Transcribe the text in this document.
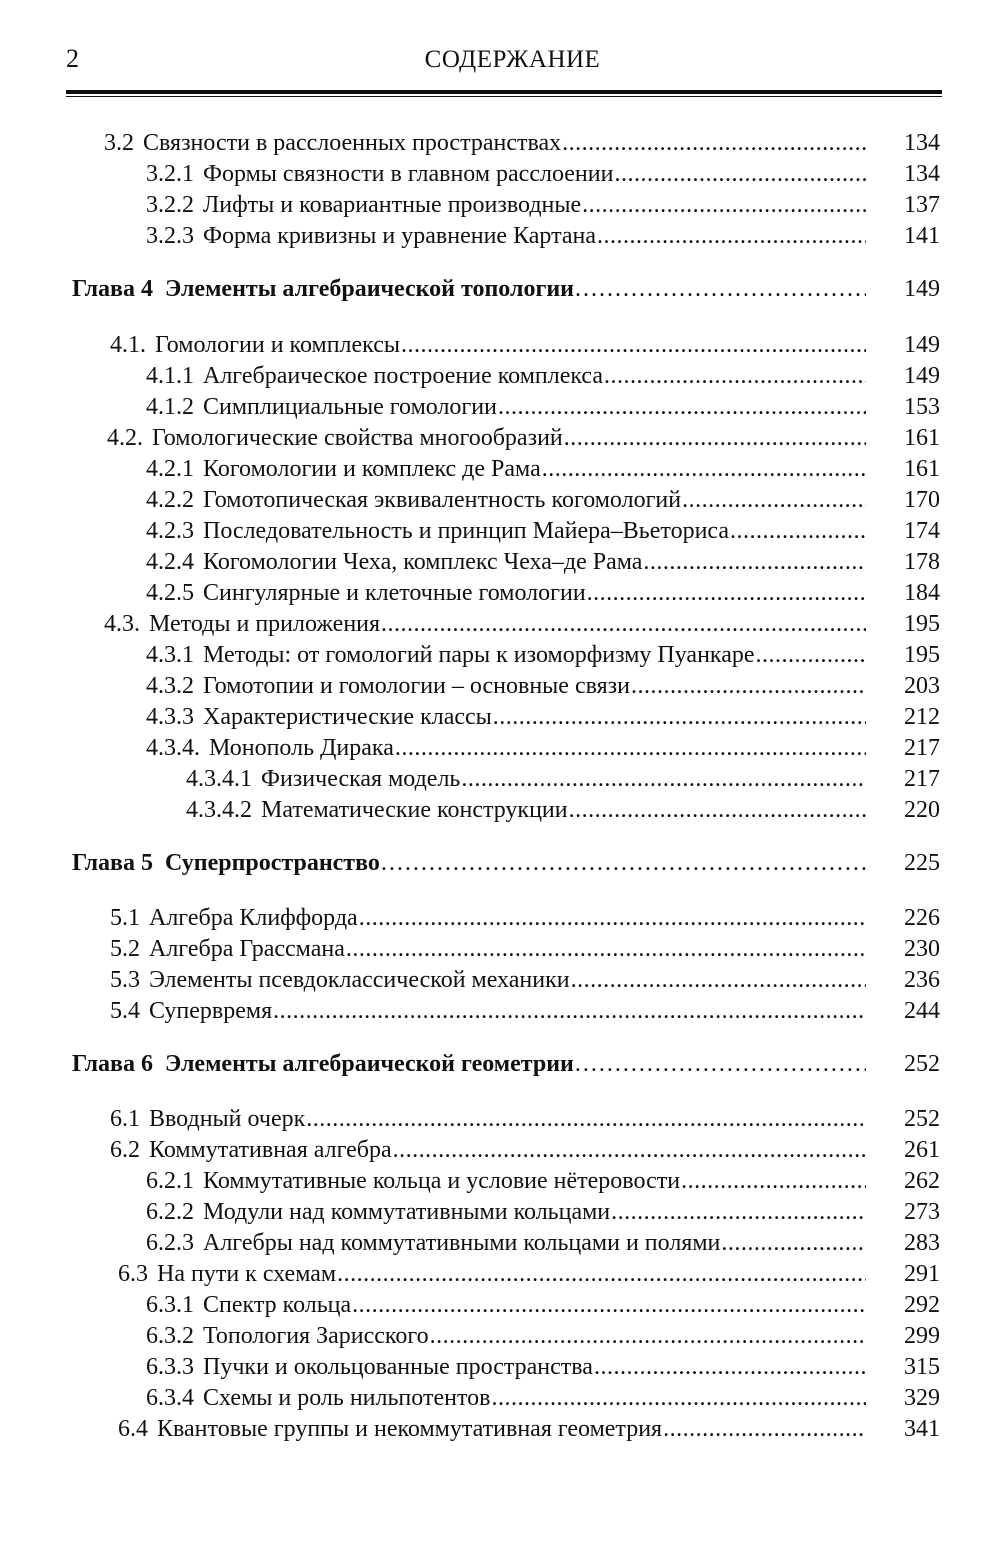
2	СОДЕРЖАНИЕ
3.2 Связности в расслоенных пространствах .....	134
3.2.1 Формы связности в главном расслоении .....	134
3.2.2 Лифты и ковариантные производные .....	137
3.2.3 Форма кривизны и уравнение Картана .....	141
Глава 4 Элементы алгебраической топологии .....	149
4.1. Гомологии и комплексы .....	149
4.1.1 Алгебраическое построение комплекса .....	149
4.1.2 Симплициальные гомологии .....	153
4.2. Гомологические свойства многообразий .....	161
4.2.1 Когомологии и комплекс де Рама .....	161
4.2.2 Гомотопическая эквивалентность когомологий .....	170
4.2.3 Последовательность и принцип Майера–Вьеториса .....	174
4.2.4 Когомологии Чеха, комплекс Чеха–де Рама .....	178
4.2.5 Сингулярные и клеточные гомологии .....	184
4.3. Методы и приложения .....	195
4.3.1 Методы: от гомологий пары к изоморфизму Пуанкаре .....	195
4.3.2 Гомотопии и гомологии – основные связи .....	203
4.3.3 Характеристические классы .....	212
4.3.4. Монополь Дирака .....	217
4.3.4.1 Физическая модель .....	217
4.3.4.2 Математические конструкции .....	220
Глава 5 Суперпространство .....	225
5.1 Алгебра Клиффорда .....	226
5.2 Алгебра Грассмана .....	230
5.3 Элементы псевдоклассической механики .....	236
5.4 Супервремя .....	244
Глава 6 Элементы алгебраической геометрии .....	252
6.1 Вводный очерк .....	252
6.2 Коммутативная алгебра .....	261
6.2.1 Коммутативные кольца и условие нётеровости .....	262
6.2.2 Модули над коммутативными кольцами .....	273
6.2.3 Алгебры над коммутативными кольцами и полями .....	283
6.3 На пути к схемам .....	291
6.3.1 Спектр кольца .....	292
6.3.2 Топология Зарисского .....	299
6.3.3 Пучки и окольцованные пространства .....	315
6.3.4 Схемы и роль нильпотентов .....	329
6.4 Квантовые группы и некоммутативная геометрия .....	341
